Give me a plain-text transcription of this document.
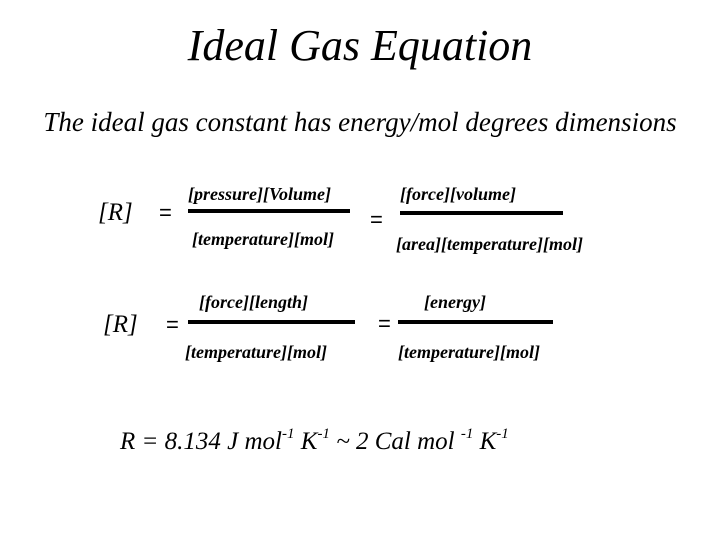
Ideal Gas Equation
The ideal gas constant has energy/mol degrees dimensions
[R] =
[pressure][Volume]
[temperature][mol]
=
[force][volume]
[area][temperature][mol]
[R] =
[force][length]
[temperature][mol]
=
[energy]
[temperature][mol]
R = 8.134 J mol$^{-1}$ $K^{-1}$ ~ 2 Cal mol $^{-1}$ $K^{-1}$
